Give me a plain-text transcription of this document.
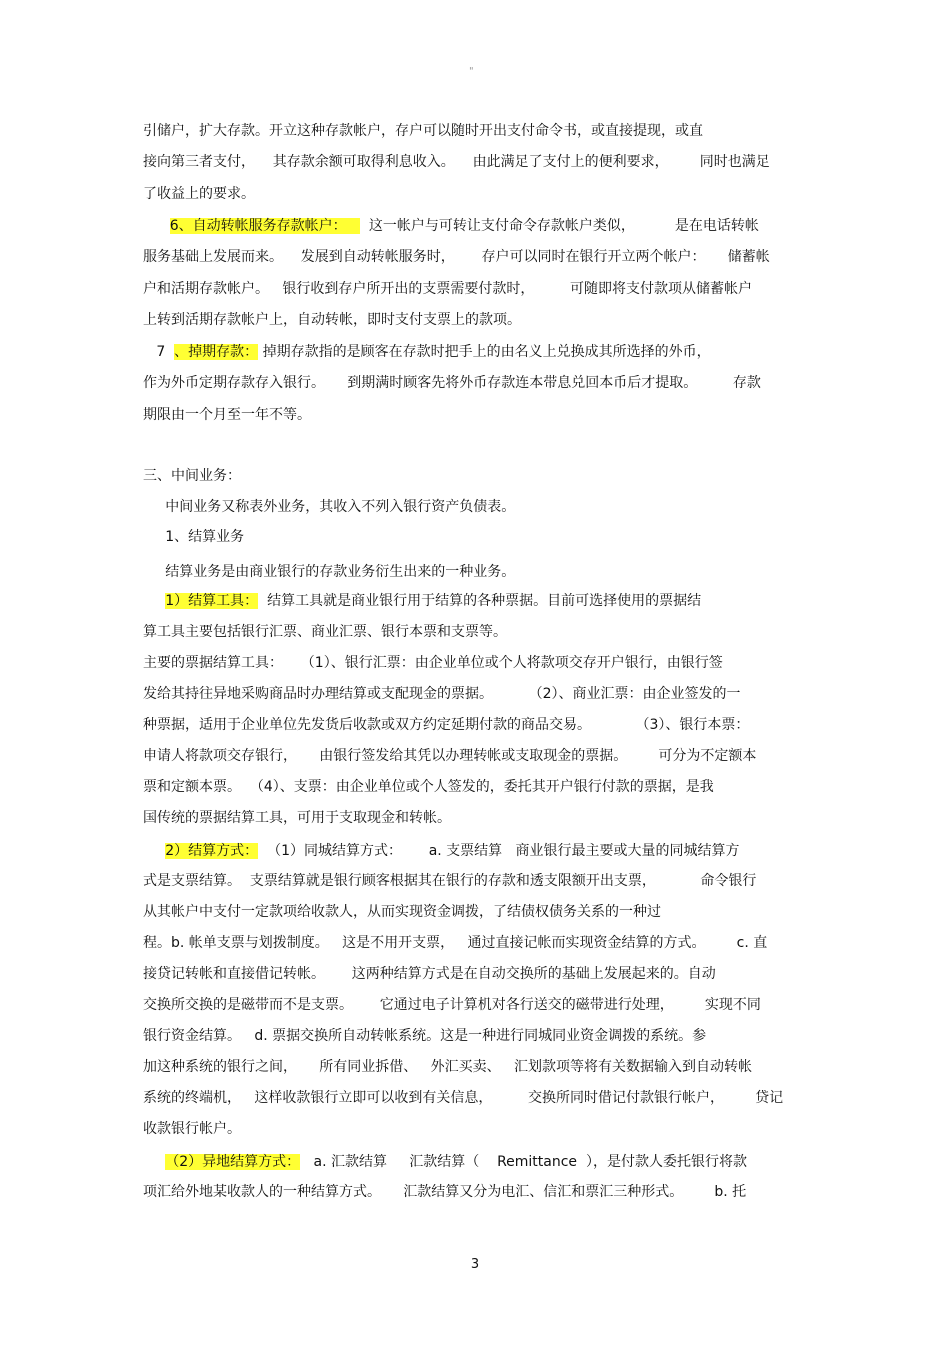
"
引储户，扩大存款。开立这种存款帐户，存户可以随时开出支付命令书，或直接提现，或直
接向第三者支付，    其存款余额可取得利息收入。    由此满足了支付上的便利要求，       同时也满足
了收益上的要求。
6、自动转帐服务存款帐户：     这一帐户与可转让支付命令存款帐户类似，         是在电话转帐
服务基础上发展而来。    发展到自动转帐服务时，      存户可以同时在银行开立两个帐户：     储蓄帐
户和活期存款帐户。   银行收到存户所开出的支票需要付款时，        可随即将支付款项从储蓄帐户
上转到活期存款帐户上，自动转帐，即时支付支票上的款项。
7  、掉期存款： 掉期存款指的是顾客在存款时把手上的由名义上兑换成其所选择的外币，
作为外币定期存款存入银行。     到期满时顾客先将外币存款连本带息兑回本币后才提取。        存款
期限由一个月至一年不等。
三、中间业务：
中间业务又称表外业务，其收入不列入银行资产负债表。
1、结算业务
结算业务是由商业银行的存款业务衍生出来的一种业务。
1）结算工具：  结算工具就是商业银行用于结算的各种票据。目前可选择使用的票据结
算工具主要包括银行汇票、商业汇票、银行本票和支票等。
主要的票据结算工具：    （1）、银行汇票：由企业单位或个人将款项交存开户银行，由银行签
发给其持往异地采购商品时办理结算或支配现金的票据。        （2）、商业汇票：由企业签发的一
种票据，适用于企业单位先发货后收款或双方约定延期付款的商品交易。          （3）、银行本票：
申请人将款项交存银行，     由银行签发给其凭以办理转帐或支取现金的票据。       可分为不定额本
票和定额本票。  （4）、支票：由企业单位或个人签发的，委托其开户银行付款的票据，是我
国传统的票据结算工具，可用于支取现金和转帐。
2）结算方式：  （1）同城结算方式：      a. 支票结算   商业银行最主要或大量的同城结算方
式是支票结算。  支票结算就是银行顾客根据其在银行的存款和透支限额开出支票，          命令银行
从其帐户中支付一定款项给收款人，从而实现资金调拨，了结债权债务关系的一种过
程。b. 帐单支票与划拨制度。   这是不用开支票，   通过直接记帐而实现资金结算的方式。       c. 直
接贷记转帐和直接借记转帐。      这两种结算方式是在自动交换所的基础上发展起来的。自动
交换所交换的是磁带而不是支票。      它通过电子计算机对各行送交的磁带进行处理，       实现不同
银行资金结算。   d. 票据交换所自动转帐系统。这是一种进行同城同业资金调拨的系统。参
加这种系统的银行之间，     所有同业拆借、   外汇买卖、   汇划款项等将有关数据输入到自动转帐
系统的终端机，   这样收款银行立即可以收到有关信息，        交换所同时借记付款银行帐户，       贷记
收款银行帐户。
（2）异地结算方式：   a. 汇款结算     汇款结算（    Remittance  ），是付款人委托银行将款
项汇给外地某收款人的一种结算方式。     汇款结算又分为电汇、信汇和票汇三种形式。       b. 托
3
